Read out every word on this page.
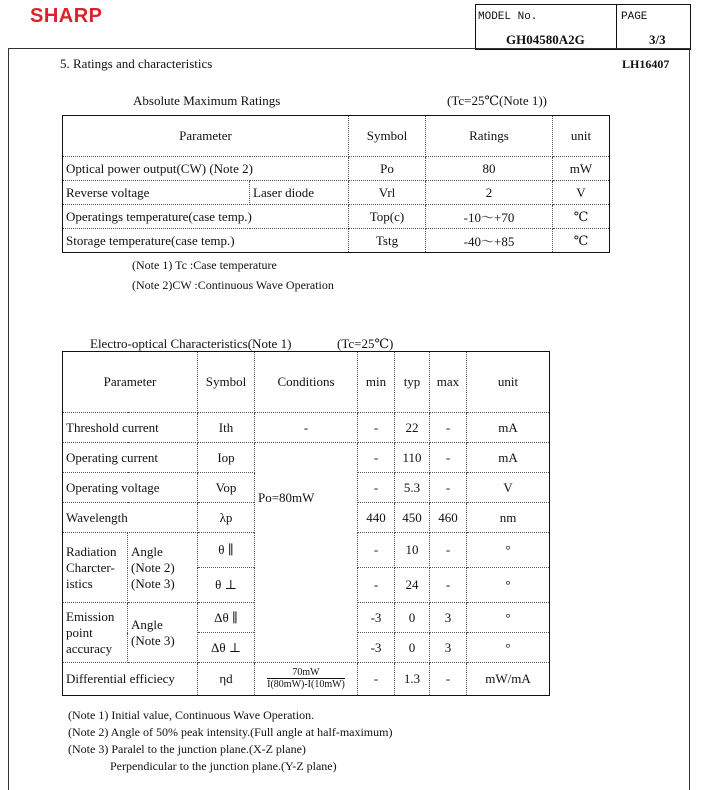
SHARP	MODEL No.
GH04580A2G
PAGE
3/3
5. Ratings and characteristics	LH16407
Absolute Maximum Ratings	(Tc=25℃(Note 1))
Parameter		Symbol	Ratings	unit
Optical power output(CW) (Note 2)		Po	80	mW
Reverse voltage	Laser diode	Vrl	2	V
Operatings temperature(case temp.)		Top(c)	-10～+70	℃
Storage temperature(case temp.)		Tstg	-40～+85	℃
(Note 1) Tc :Case temperature
(Note 2)CW :Continuous Wave Operation
Electro-optical Characteristics(Note 1)	(Tc=25℃)
Parameter		Symbol	Conditions	min	typ	max	unit
Threshold current		Ith	-	-	22	-	mA
Operating current		Iop	Po=80mW	-	110	-	mA
Operating voltage		Vop		-	5.3	-	V
Wavelength		λp		440	450	460	nm
Radiation
Charcter-
istics	Angle
(Note 2)
(Note 3)	θ ∥		-	10	-	°
		θ ⊥		-	24	-	°
Emission
point
accuracy	Angle
(Note 3)	Δθ ∥		-3	0	3	°
		Δθ ⊥		-3	0	3	°
Differential efficiecy		ηd	$\frac{70mW}{I(80mW)-I(10mW)}$	-	1.3	-	mW/mA
(Note 1) Initial value, Continuous Wave Operation.
(Note 2) Angle of 50% peak intensity.(Full angle at half-maximum)
(Note 3) Paralel to the junction plane.(X-Z plane)
Perpendicular to the junction plane.(Y-Z plane)
